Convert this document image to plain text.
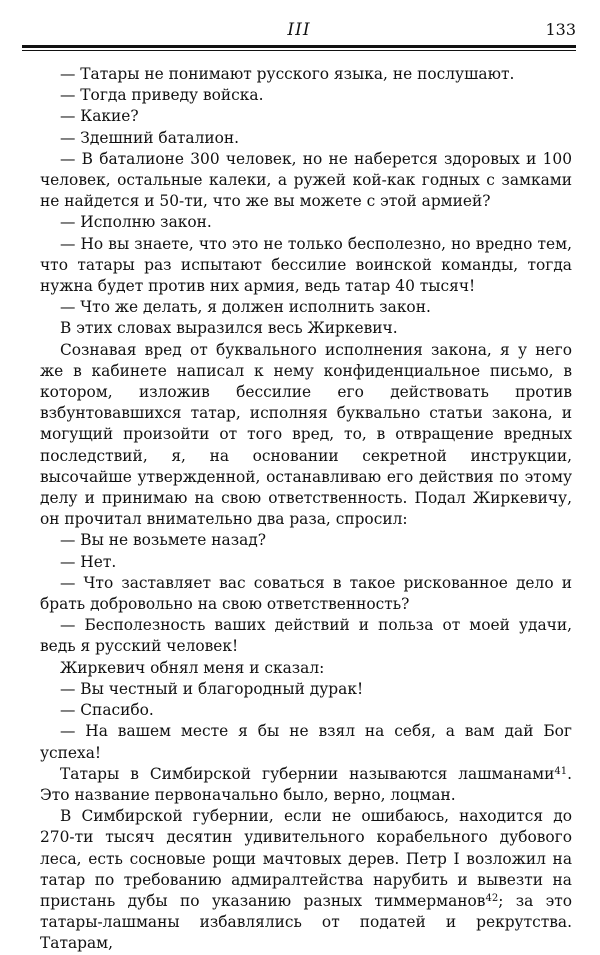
III	133

— Татары не понимают русского языка, не послушают.

— Тогда приведу войска.

— Какие?

— Здешний баталион.

— В баталионе 300 человек, но не наберется здоровых и 100 человек, остальные калеки, а ружей кой-как годных с замками не найдется и 50-ти, что же вы можете с этой армией?

— Исполню закон.

— Но вы знаете, что это не только бесполезно, но вредно тем, что татары раз испытают бессилие воинской команды, тогда нужна будет против них армия, ведь татар 40 тысяч!

— Что же делать, я должен исполнить закон.

В этих словах выразился весь Жиркевич.

Сознавая вред от буквального исполнения закона, я у него же в кабинете написал к нему конфиденциальное письмо, в котором, изложив бессилие его действовать против взбунтовавшихся татар, исполняя буквально статьи закона, и могущий произойти от того вред, то, в отвращение вредных последствий, я, на основании секретной инструкции, высочайше утвержденной, останавливаю его действия по этому делу и принимаю на свою ответственность. Подал Жиркевичу, он прочитал внимательно два раза, спросил:

— Вы не возьмете назад?

— Нет.

— Что заставляет вас соваться в такое рискованное дело и брать добровольно на свою ответственность?

— Бесполезность ваших действий и польза от моей удачи, ведь я русский человек!

Жиркевич обнял меня и сказал:

— Вы честный и благородный дурак!

— Спасибо.

— На вашем месте я бы не взял на себя, а вам дай Бог успеха!

Татары в Симбирской губернии называются лашманами$^{41}$. Это название первоначально было, верно, лоцман.

В Симбирской губернии, если не ошибаюсь, находится до 270-ти тысяч десятин удивительного корабельного дубового леса, есть сосновые рощи мачтовых дерев. Петр I возложил на татар по требованию адмиралтейства нарубить и вывезти на пристань дубы по указанию разных тиммерманов$^{42}$; за это татары-лашманы избавлялись от податей и рекрутства. Татарам,
